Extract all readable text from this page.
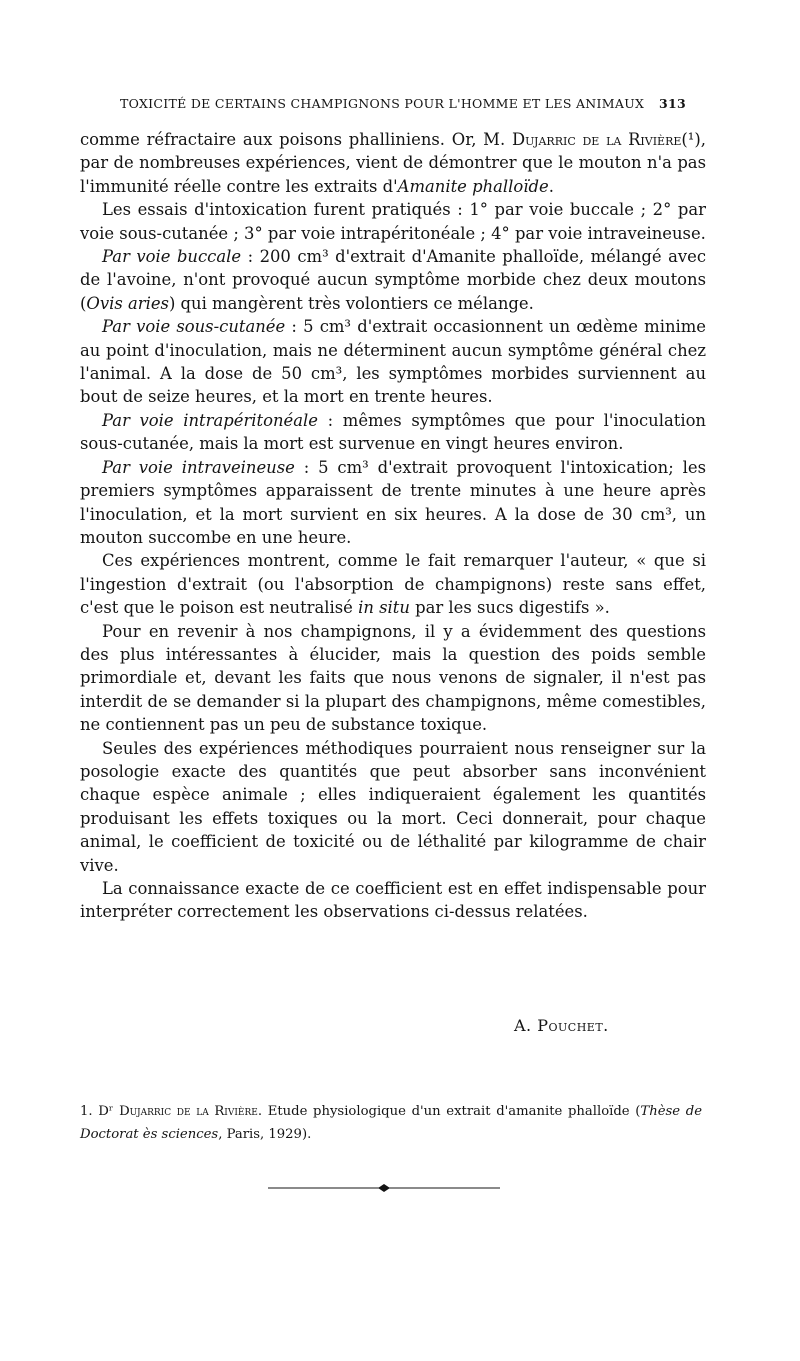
TOXICITÉ DE CERTAINS CHAMPIGNONS POUR L'HOMME ET LES ANIMAUX 313

comme réfractaire aux poisons phalliniens. Or, M. Dujarric de la Rivière(¹), par de nombreuses expériences, vient de démontrer que le mouton n'a pas l'immunité réelle contre les extraits d'Amanite phalloïde.

Les essais d'intoxication furent pratiqués : 1° par voie buccale ; 2° par voie sous-cutanée ; 3° par voie intrapéritonéale ; 4° par voie intraveineuse.

Par voie buccale : 200 cm³ d'extrait d'Amanite phalloïde, mélangé avec de l'avoine, n'ont provoqué aucun symptôme morbide chez deux moutons (Ovis aries) qui mangèrent très volontiers ce mélange.

Par voie sous-cutanée : 5 cm³ d'extrait occasionnent un œdème minime au point d'inoculation, mais ne déterminent aucun symptôme général chez l'animal. A la dose de 50 cm³, les symptômes morbides surviennent au bout de seize heures, et la mort en trente heures.

Par voie intrapéritonéale : mêmes symptômes que pour l'inoculation sous-cutanée, mais la mort est survenue en vingt heures environ.

Par voie intraveineuse : 5 cm³ d'extrait provoquent l'intoxication; les premiers symptômes apparaissent de trente minutes à une heure après l'inoculation, et la mort survient en six heures. A la dose de 30 cm³, un mouton succombe en une heure.

Ces expériences montrent, comme le fait remarquer l'auteur, « que si l'ingestion d'extrait (ou l'absorption de champignons) reste sans effet, c'est que le poison est neutralisé in situ par les sucs digestifs ».

Pour en revenir à nos champignons, il y a évidemment des questions des plus intéressantes à élucider, mais la question des poids semble primordiale et, devant les faits que nous venons de signaler, il n'est pas interdit de se demander si la plupart des champignons, même comestibles, ne contiennent pas un peu de substance toxique.

Seules des expériences méthodiques pourraient nous renseigner sur la posologie exacte des quantités que peut absorber sans inconvénient chaque espèce animale ; elles indiqueraient également les quantités produisant les effets toxiques ou la mort. Ceci donnerait, pour chaque animal, le coefficient de toxicité ou de léthalité par kilogramme de chair vive.

La connaissance exacte de ce coefficient est en effet indispensable pour interpréter correctement les observations ci-dessus relatées.

A. Pouchet.
1. Dʳ Dujarric de la Rivière. Etude physiologique d'un extrait d'amanite phalloïde (Thèse de Doctorat ès sciences, Paris, 1929).
